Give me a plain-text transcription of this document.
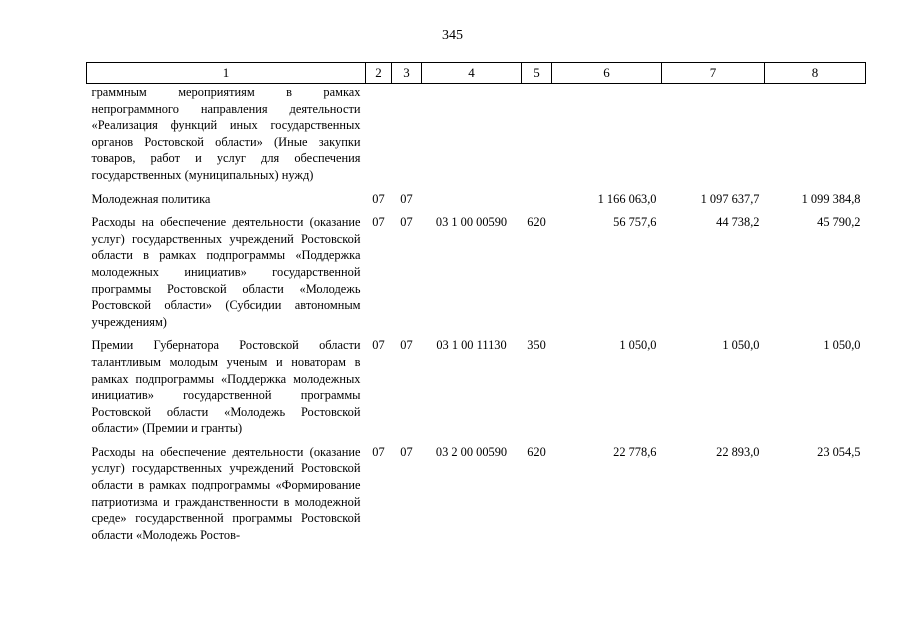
345
1	2	3	4	5	6	7	8
граммным мероприятиям в рамках непрограммного направления деятельности «Реализация функций иных государственных органов Ростовской области» (Иные закупки товаров, работ и услуг для обеспечения государственных (муниципальных) нужд)							

Молодежная политика	07	07			1 166 063,0	1 097 637,7	1 099 384,8

Расходы на обеспечение деятельности (оказание услуг) государственных учреждений Ростовской области в рамках подпрограммы «Поддержка молодежных инициатив» государственной программы Ростовской области «Молодежь Ростовской области» (Субсидии автономным учреждениям)	07	07	03 1 00 00590	620	56 757,6	44 738,2	45 790,2

Премии Губернатора Ростовской области талантливым молодым ученым и новаторам в рамках подпрограммы «Поддержка молодежных инициатив» государственной программы Ростовской области «Молодежь Ростовской области» (Премии и гранты)	07	07	03 1 00 11130	350	1 050,0	1 050,0	1 050,0

Расходы на обеспечение деятельности (оказание услуг) государственных учреждений Ростовской области в рамках подпрограммы «Формирование патриотизма и гражданственности в молодежной среде» государственной программы Ростовской области «Молодежь Ростов-	07	07	03 2 00 00590	620	22 778,6	22 893,0	23 054,5
